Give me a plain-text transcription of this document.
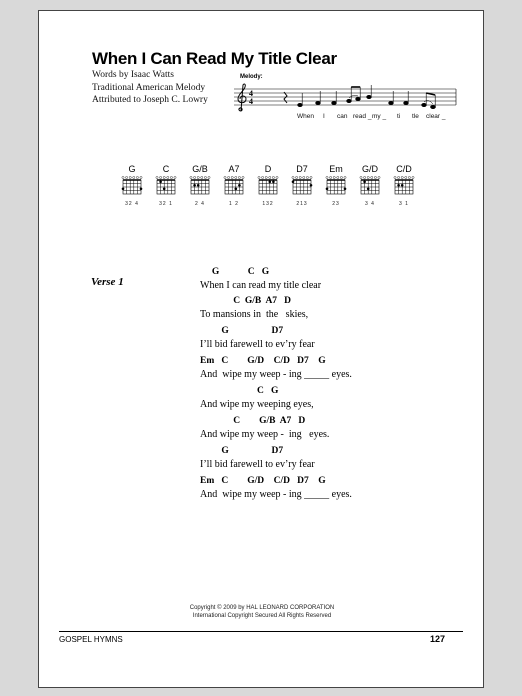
When I Can Read My Title Clear
Words by Isaac Watts
Traditional American Melody
Attributed to Joseph C. Lowry
Melody:
4
4
When I can read _ my _ ti tle clear _
G
32 4
C
32 1
G/B
2 4
A7
1 2
D
132
D7
213
Em
23
G/D
3 4
C/D
3 1
Verse 1
G            C   G
When I can read my title clear
C  G/B  A7   D
To mansions in  the   skies,
G                  D7
I’ll bid farewell to ev’ry fear
Em   C        G/D    C/D   D7    G
And  wipe my weep - ing _____ eyes.
C   G
And wipe my weeping eyes,
C        G/B  A7   D
And wipe my weep -  ing   eyes.
G                  D7
I’ll bid farewell to ev’ry fear
Em   C        G/D    C/D   D7    G
And  wipe my weep - ing _____ eyes.
Copyright © 2009 by HAL LEONARD CORPORATION
International Copyright Secured All Rights Reserved
GOSPEL HYMNS	127
